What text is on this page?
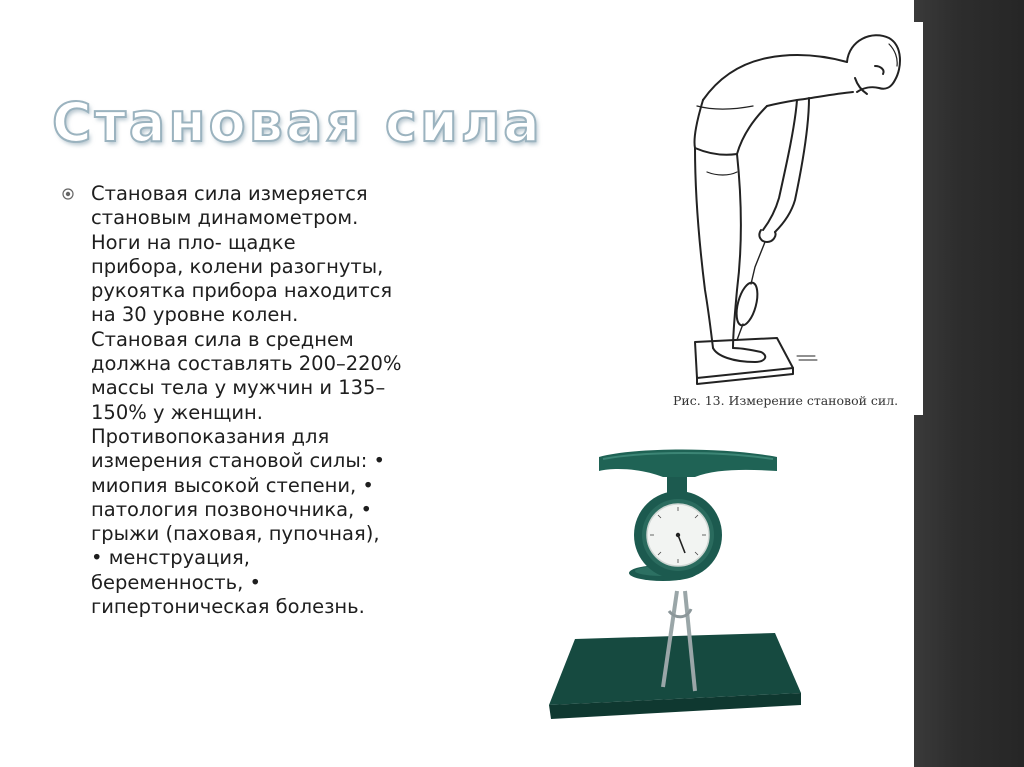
Становая сила

Становая сила измеряется
становым динамометром.
Ноги на пло- щадке
прибора, колени разогнуты,
рукоятка прибора находится
на 30 уровне колен.
Становая сила в среднем
должна составлять 200–220%
массы тела у мужчин и 135–
150% у женщин.
Противопоказания для
измерения становой силы: •
миопия высокой степени, •
патология позвоночника, •
грыжи (паховая, пупочная),
• менструация,
беременность, •
гипертоническая болезнь.

Рис. 13. Измерение становой сил.
